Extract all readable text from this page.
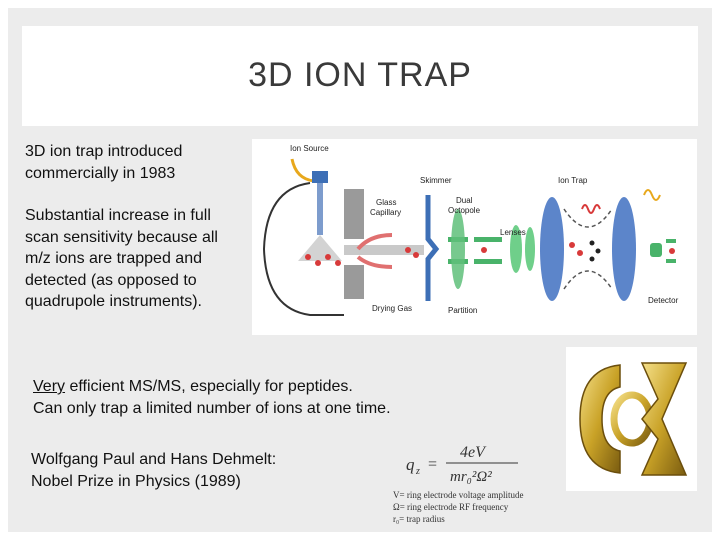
3D ION TRAP
3D ion trap introduced commercially in 1983
Substantial increase in full scan sensitivity because all m/z ions are trapped and detected (as opposed to quadrupole instruments).
Very efficient MS/MS, especially for peptides.
Can only trap a limited number of ions at one time.
Wolfgang Paul and Hans Dehmelt:
Nobel Prize in Physics (1989)
Ion Source
Skimmer	Ion Trap
Glass
Capillary
Dual
Octopole
Lenses
Drying Gas	Partition
Detector
q z =
4eV
mr₀²Ω²
V= ring electrode voltage amplitude
Ω= ring electrode RF frequency
r₀= trap radius
